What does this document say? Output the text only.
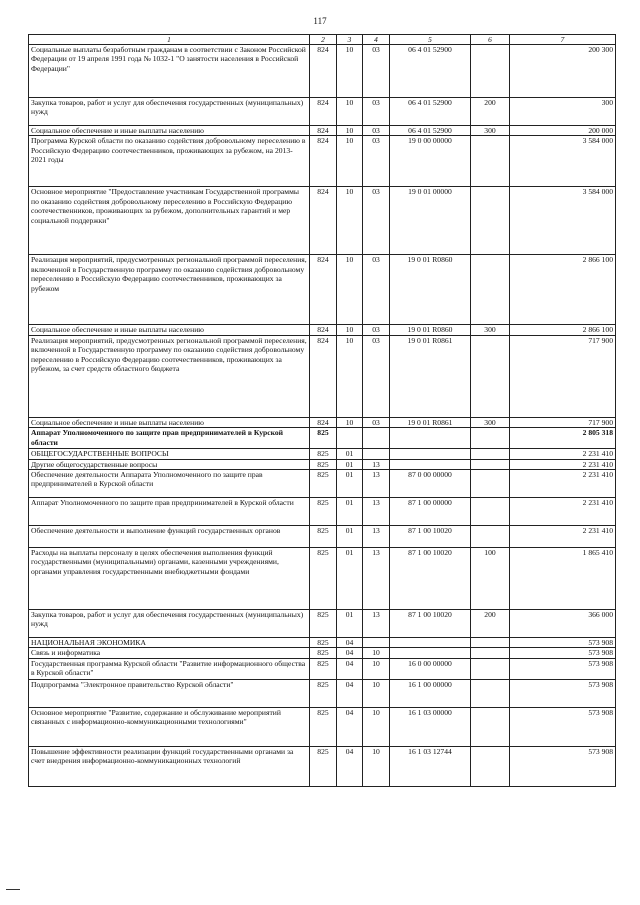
117
1	2	3	4	5	6	7
Социальные выплаты безработным гражданам в соответствии с Законом Российской Федерации от 19 апреля 1991 года № 1032-1 "О занятости населения в Российской Федерации"	824	10	03	06 4 01 52900		200 300
Закупка товаров, работ и услуг для обеспечения государственных (муниципальных) нужд	824	10	03	06 4 01 52900	200	300
Социальное обеспечение и иные выплаты населению	824	10	03	06 4 01 52900	300	200 000
Программа Курской области по оказанию содействия добровольному переселению в Российскую Федерацию соотечественников, проживающих за рубежом, на 2013-2021 годы	824	10	03	19 0 00 00000		3 584 000
Основное мероприятие "Предоставление участникам Государственной программы по оказанию содействия добровольному переселению в Российскую Федерацию соотечественников, проживающих за рубежом, дополнительных гарантий и мер социальной поддержки"	824	10	03	19 0 01 00000		3 584 000
Реализация мероприятий, предусмотренных региональной программой переселения, включенной в Государственную программу по оказанию содействия добровольному переселению в Российскую Федерацию соотечественников, проживающих за рубежом	824	10	03	19 0 01 R0860		2 866 100
Социальное обеспечение и иные выплаты населению	824	10	03	19 0 01 R0860	300	2 866 100
Реализация мероприятий, предусмотренных региональной программой переселения, включенной в Государственную программу по оказанию содействия добровольному переселению в Российскую Федерацию соотечественников, проживающих за рубежом, за счет средств областного бюджета	824	10	03	19 0 01 R0861		717 900
Социальное обеспечение и иные выплаты населению	824	10	03	19 0 01 R0861	300	717 900
Аппарат Уполномоченного по защите прав предпринимателей в Курской области	825					2 805 318
ОБЩЕГОСУДАРСТВЕННЫЕ ВОПРОСЫ	825	01				2 231 410
Другие общегосударственные вопросы	825	01	13			2 231 410
Обеспечение деятельности Аппарата Уполномоченного по защите прав предпринимателей в Курской области	825	01	13	87 0 00 00000		2 231 410
Аппарат Уполномоченного по защите прав предпринимателей в Курской области	825	01	13	87 1 00 00000		2 231 410
Обеспечение деятельности и выполнение функций государственных органов	825	01	13	87 1 00 10020		2 231 410
Расходы на выплаты персоналу в целях обеспечения выполнения функций государственными (муниципальными) органами, казенными учреждениями, органами управления государственными внебюджетными фондами	825	01	13	87 1 00 10020	100	1 865 410
Закупка товаров, работ и услуг для обеспечения государственных (муниципальных) нужд	825	01	13	87 1 00 10020	200	366 000
НАЦИОНАЛЬНАЯ ЭКОНОМИКА	825	04				573 908
Связь и информатика	825	04	10			573 908
Государственная программа Курской области "Развитие информационного общества в Курской области"	825	04	10	16 0 00 00000		573 908
Подпрограмма "Электронное правительство Курской области"	825	04	10	16 1 00 00000		573 908
Основное мероприятие "Развитие, содержание и обслуживание мероприятий связанных с информационно-коммуникационными технологиями"	825	04	10	16 1 03 00000		573 908
Повышение эффективности реализации функций государственными органами за счет внедрения информационно-коммуникационных технологий	825	04	10	16 1 03 12744		573 908
